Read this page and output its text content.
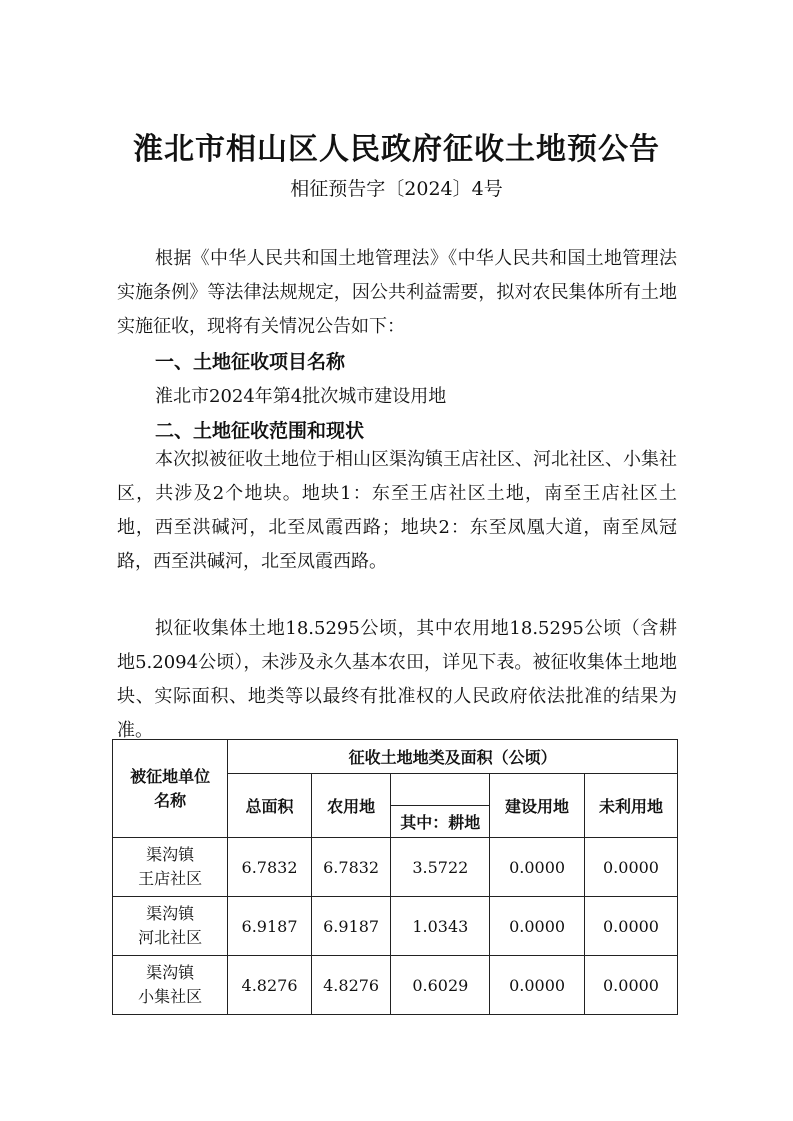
淮北市相山区人民政府征收土地预公告
相征预告字〔2024〕4号

根据《中华人民共和国土地管理法》《中华人民共和国土地管理法实施条例》等法律法规规定，因公共利益需要，拟对农民集体所有土地实施征收，现将有关情况公告如下：

一、土地征收项目名称
淮北市2024年第4批次城市建设用地
二、土地征收范围和现状

本次拟被征收土地位于相山区渠沟镇王店社区、河北社区、小集社区，共涉及2个地块。地块1：东至王店社区土地，南至王店社区土地，西至洪碱河，北至凤霞西路；地块2：东至凤凰大道，南至凤冠路，西至洪碱河，北至凤霞西路。

拟征收集体土地18.5295公顷，其中农用地18.5295公顷（含耕地5.2094公顷），未涉及永久基本农田，详见下表。被征收集体土地地块、实际面积、地类等以最终有批准权的人民政府依法批准的结果为准。

被征地单位名称	征收土地地类及面积（公顷）				
	总面积	农用地		建设用地	未利用地
			其中：耕地		

渠沟镇
王店社区	6.7832	6.7832	3.5722	0.0000	0.0000

渠沟镇
河北社区	6.9187	6.9187	1.0343	0.0000	0.0000

渠沟镇
小集社区	4.8276	4.8276	0.6029	0.0000	0.0000
